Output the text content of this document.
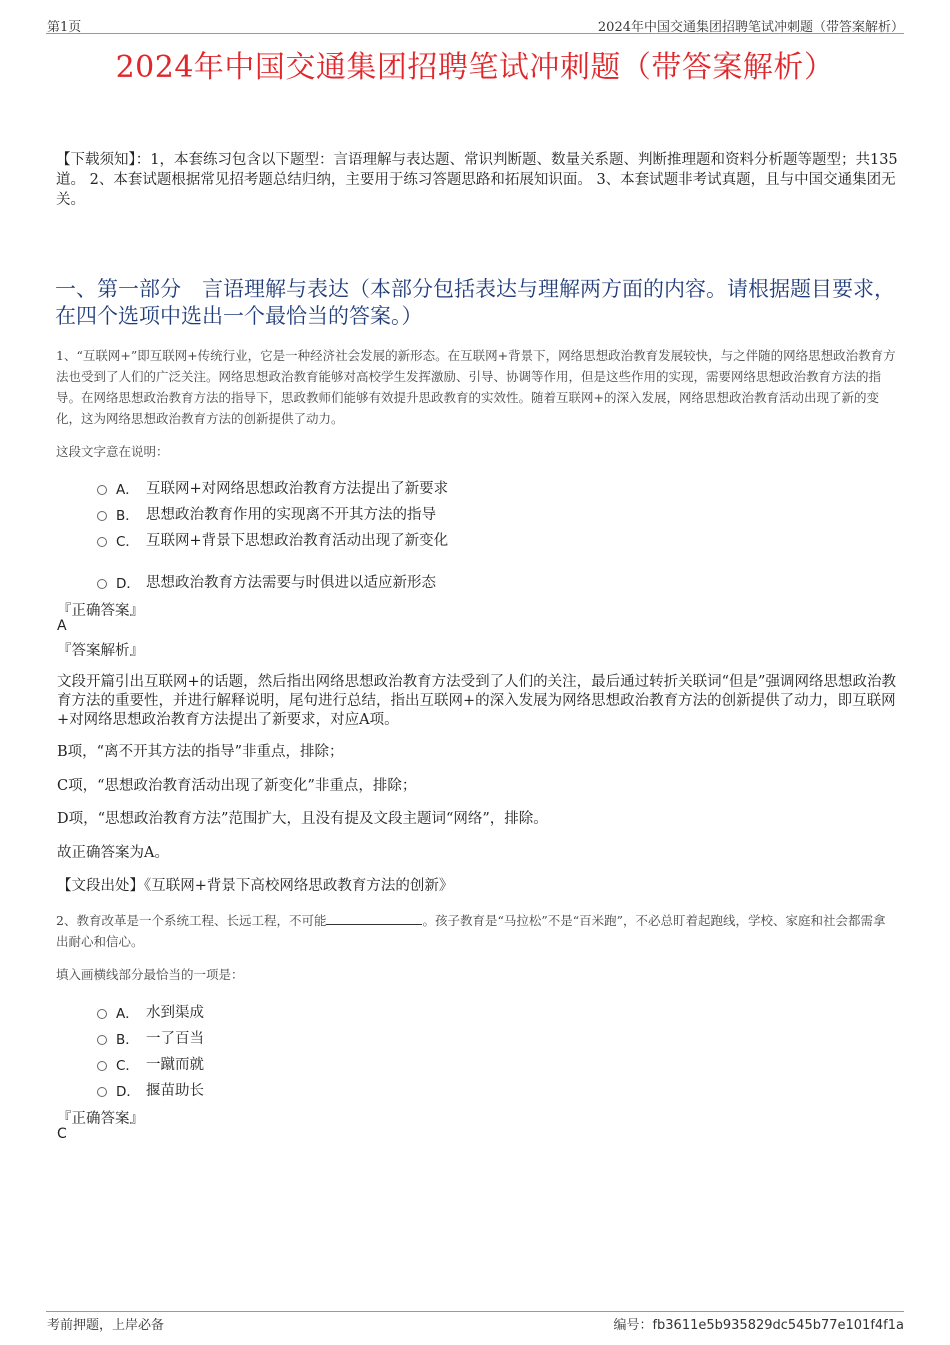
第1页	2024年中国交通集团招聘笔试冲刺题（带答案解析）
2024年中国交通集团招聘笔试冲刺题（带答案解析）
【下载须知】：1，本套练习包含以下题型：言语理解与表达题、常识判断题、数量关系题、判断推理题和资料分析题等题型；共135道。 2、本套试题根据常见招考题总结归纳，主要用于练习答题思路和拓展知识面。 3、本套试题非考试真题，且与中国交通集团无关。
一、第一部分　言语理解与表达（本部分包括表达与理解两方面的内容。请根据题目要求，在四个选项中选出一个最恰当的答案。）
1、“互联网+”即互联网+传统行业，它是一种经济社会发展的新形态。在互联网+背景下，网络思想政治教育发展较快，与之伴随的网络思想政治教育方法也受到了人们的广泛关注。网络思想政治教育能够对高校学生发挥激励、引导、协调等作用，但是这些作用的实现，需要网络思想政治教育方法的指导。在网络思想政治教育方法的指导下，思政教师们能够有效提升思政教育的实效性。随着互联网+的深入发展，网络思想政治教育活动出现了新的变化，这为网络思想政治教育方法的创新提供了动力。
这段文字意在说明：
A． 互联网+对网络思想政治教育方法提出了新要求
B． 思想政治教育作用的实现离不开其方法的指导
C． 互联网+背景下思想政治教育活动出现了新变化
D． 思想政治教育方法需要与时俱进以适应新形态
『正确答案』
A
『答案解析』
文段开篇引出互联网+的话题，然后指出网络思想政治教育方法受到了人们的关注，最后通过转折关联词“但是”强调网络思想政治教育方法的重要性，并进行解释说明，尾句进行总结，指出互联网+的深入发展为网络思想政治教育方法的创新提供了动力，即互联网+对网络思想政治教育方法提出了新要求，对应A项。
B项，“离不开其方法的指导”非重点，排除；
C项，“思想政治教育活动出现了新变化”非重点，排除；
D项，“思想政治教育方法”范围扩大，且没有提及文段主题词“网络”，排除。
故正确答案为A。
【文段出处】《互联网+背景下高校网络思政教育方法的创新》
2、教育改革是一个系统工程、长远工程，不可能	。孩子教育是“马拉松”不是“百米跑”，不必总盯着起跑线，学校、家庭和社会都需拿出耐心和信心。
填入画横线部分最恰当的一项是：
A． 水到渠成
B． 一了百当
C． 一蹴而就
D． 揠苗助长
『正确答案』
C
考前押题，上岸必备	编号：fb3611e5b935829dc545b77e101f4f1a
